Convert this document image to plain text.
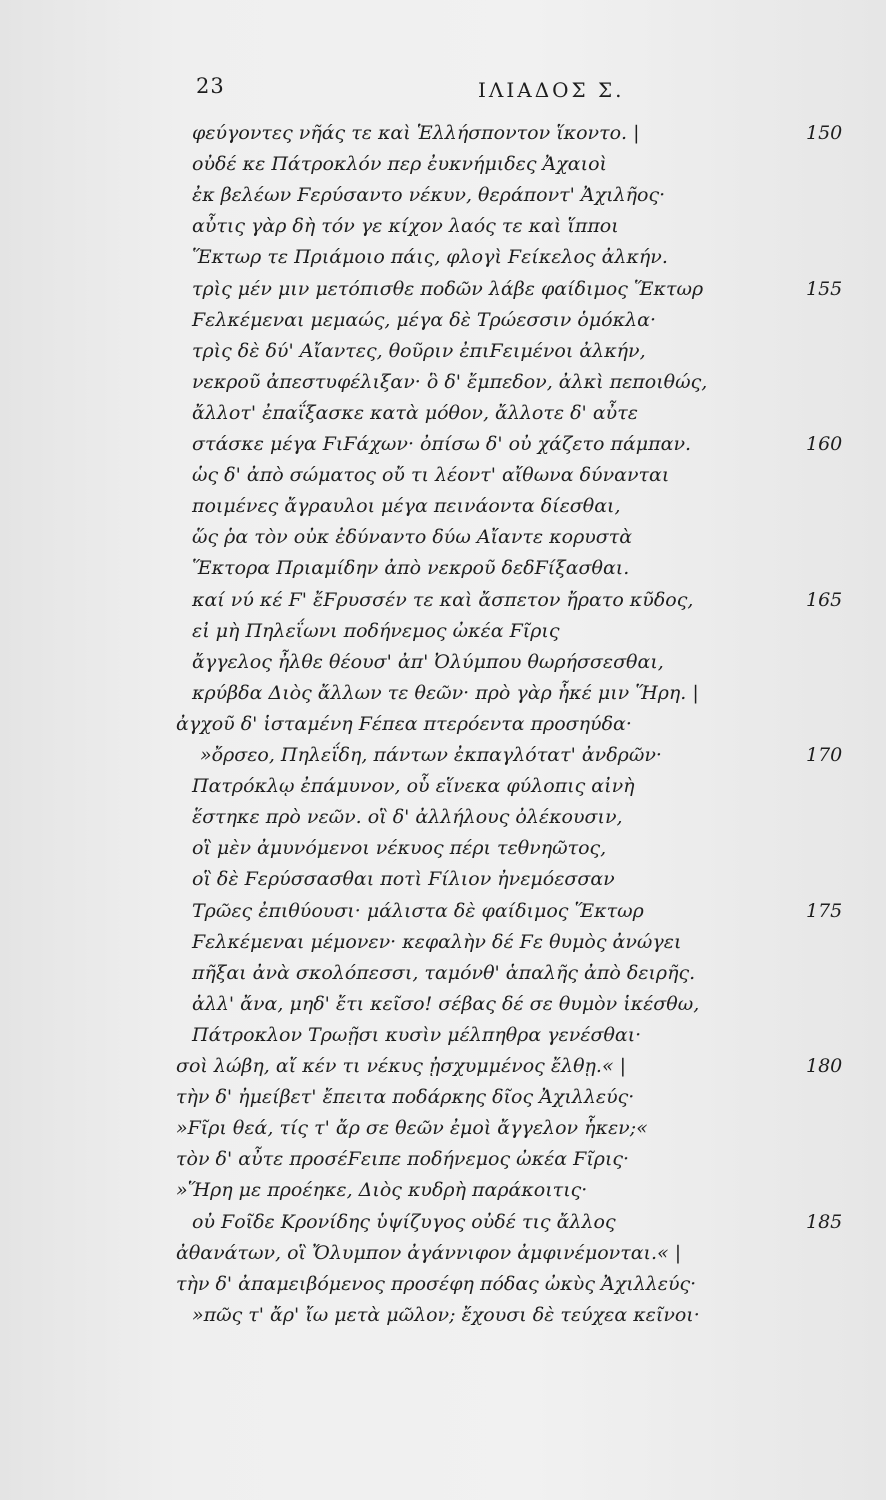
23	ΙΛΙΑΔΟΣ Σ.
φεύγοντες νῆάς τε καὶ Ἑλλήσποντον ἵκοντο. |	150
οὐδέ κε Πάτροκλόν περ ἐυκνήμιδες Ἀχαιοὶ
ἐκ βελέων Ϝερύσαντο νέκυν, θεράποντ' Ἀχιλῆος·
αὖτις γὰρ δὴ τόν γε κίχον λαός τε καὶ ἵπποι
Ἕκτωρ τε Πριάμοιο πάις, φλογὶ Ϝείκελος ἀλκήν.
τρὶς μέν μιν μετόπισθε ποδῶν λάβε φαίδιμος Ἕκτωρ	155
Ϝελκέμεναι μεμαώς, μέγα δὲ Τρώεσσιν ὁμόκλα·
τρὶς δὲ δύ' Αἴαντες, θοῦριν ἐπιϜειμένοι ἀλκήν,
νεκροῦ ἀπεστυφέλιξαν· ὃ δ' ἔμπεδον, ἀλκὶ πεποιθώς,
ἄλλοτ' ἐπαΐξασκε κατὰ μόθον, ἄλλοτε δ' αὖτε
στάσκε μέγα ϜιϜάχων· ὀπίσω δ' οὐ χάζετο πάμπαν.	160
ὡς δ' ἀπὸ σώματος οὔ τι λέοντ' αἴθωνα δύνανται
ποιμένες ἄγραυλοι μέγα πεινάοντα δίεσθαι,
ὥς ῥα τὸν οὐκ ἐδύναντο δύω Αἴαντε κορυστὰ
Ἕκτορα Πριαμίδην ἀπὸ νεκροῦ δεδϜίξασθαι.
καί νύ κέ Ϝ' ἔϜρυσσέν τε καὶ ἄσπετον ἤρατο κῦδος,	165
εἰ μὴ Πηλεΐωνι ποδήνεμος ὠκέα Ϝῖρις
ἄγγελος ἦλθε θέουσ' ἀπ' Ὀλύμπου θωρήσσεσθαι,
κρύβδα Διὸς ἄλλων τε θεῶν· πρὸ γὰρ ἧκέ μιν Ἥρη. |
ἀγχοῦ δ' ἱσταμένη Ϝέπεα πτερόεντα προσηύδα·
»ὄρσεο, Πηλεΐδη, πάντων ἐκπαγλότατ' ἀνδρῶν·	170
Πατρόκλῳ ἐπάμυνον, οὗ εἵνεκα φύλοπις αἰνὴ
ἕστηκε πρὸ νεῶν. οἳ δ' ἀλλήλους ὀλέκουσιν,
οἳ μὲν ἀμυνόμενοι νέκυος πέρι τεθνηῶτος,
οἳ δὲ Ϝερύσσασθαι ποτὶ Ϝίλιον ἠνεμόεσσαν
Τρῶες ἐπιθύουσι· μάλιστα δὲ φαίδιμος Ἕκτωρ	175
Ϝελκέμεναι μέμονεν· κεφαλὴν δέ Ϝε θυμὸς ἀνώγει
πῆξαι ἀνὰ σκολόπεσσι, ταμόνθ' ἁπαλῆς ἀπὸ δειρῆς.
ἀλλ' ἄνα, μηδ' ἔτι κεῖσο! σέβας δέ σε θυμὸν ἱκέσθω,
Πάτροκλον Τρωῇσι κυσὶν μέλπηθρα γενέσθαι·
σοὶ λώβη, αἴ κέν τι νέκυς ᾐσχυμμένος ἔλθῃ.« |	180
τὴν δ' ἠμείβετ' ἔπειτα ποδάρκης δῖος Ἀχιλλεύς·
»Ϝῖρι θεά, τίς τ' ἄρ σε θεῶν ἐμοὶ ἄγγελον ἧκεν;«
τὸν δ' αὖτε προσέϜειπε ποδήνεμος ὠκέα Ϝῖρις·
»Ἥρη με προέηκε, Διὸς κυδρὴ παράκοιτις·
οὐ Ϝοῖδε Κρονίδης ὑψίζυγος οὐδέ τις ἄλλος	185
ἀθανάτων, οἳ Ὄλυμπον ἀγάννιφον ἀμφινέμονται.« |
τὴν δ' ἀπαμειβόμενος προσέφη πόδας ὠκὺς Ἀχιλλεύς·
»πῶς τ' ἄρ' ἴω μετὰ μῶλον; ἔχουσι δὲ τεύχεα κεῖνοι·
